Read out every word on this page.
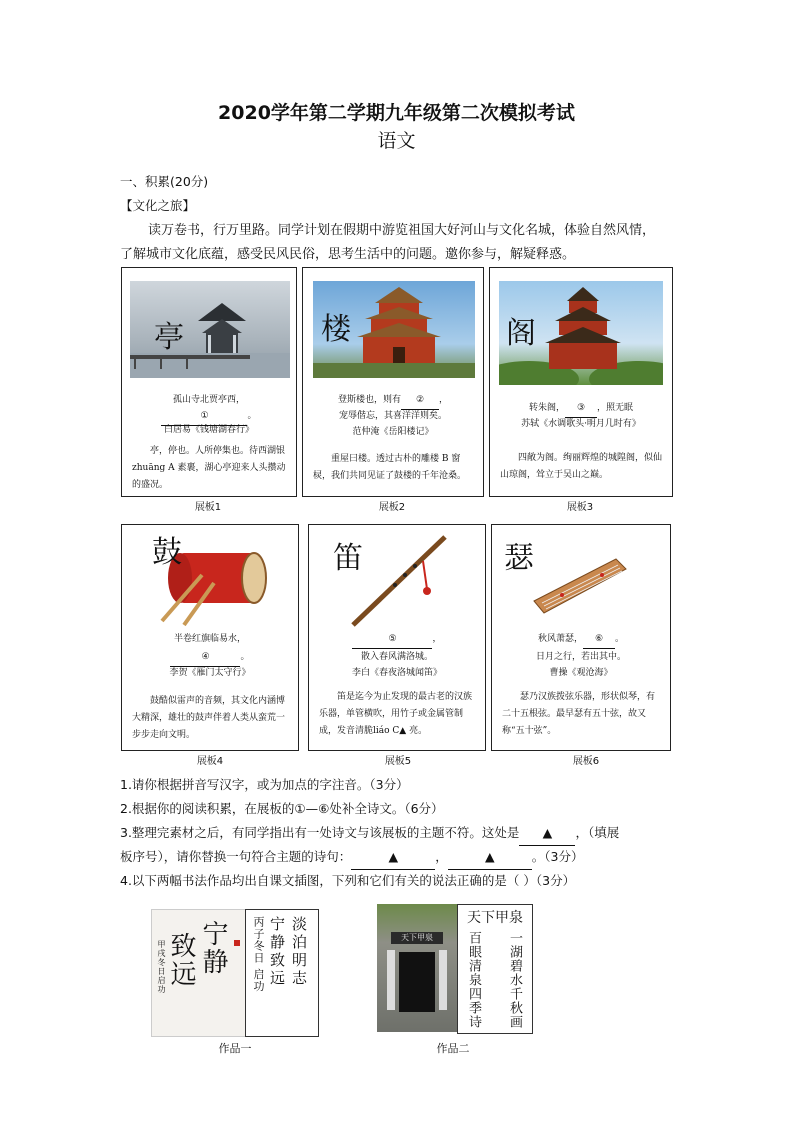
2020学年第二学期九年级第二次模拟考试
语文
一、积累(20分)
【文化之旅】
读万卷书，行万里路。同学计划在假期中游览祖国大好河山与文化名城，体验自然风情，
了解城市文化底蕴，感受民风民俗，思考生活中的问题。邀你参与，解疑释惑。
亭
孤山寺北贾亭西，
①	。
白居易《钱塘湖春行》
亭，停也。人所停集也。待西湖银zhuāng A 素裹，湖心亭迎来人头攒动的盛况。
展板1
楼
登斯楼也，则有 ② ，
宠辱偕忘，其喜洋洋则矣。
范仲淹《岳阳楼记》
重屋曰楼。透过古朴的雕楼 B 窗棂，我们共同见证了鼓楼的千年沧桑。
展板2
阁
转朱阁， ③ ，照无眠
苏轼《水调歌头·明月几时有》
四敞为阁。绚丽辉煌的城隍阁，似仙山琼阁，耸立于吴山之巅。
展板3
鼓
半卷红旗临易水，
④	。
李贺《雁门太守行》
鼓酷似雷声的音频，其文化内涵博大精深，雄壮的鼓声伴着人类从蛮荒一步步走向文明。
展板4
笛
⑤	，
散入春风满洛城。
李白《春夜洛城闻笛》
笛是迄今为止发现的最古老的汉族乐器，单管横吹，用竹子或金属管制成，发音清脆liáo C▲ 亮。
展板5
瑟
秋风萧瑟， ⑥ 。
日月之行，若出其中。
曹操《观沧海》
瑟乃汉族拨弦乐器，形状似琴，有二十五根弦。最早瑟有五十弦，故又称“五十弦”。
展板6
1.请你根据拼音写汉字，或为加点的字注音。（3分）
2.根据你的阅读积累，在展板的①—⑥处补全诗文。（6分）
3.整理完素材之后，有同学指出有一处诗文与该展板的主题不符。这处是 ▲ ，（填展
板序号），请你替换一句符合主题的诗句：	▲	，	▲	。（3分）
4.以下两幅书法作品均出自课文插图，下列和它们有关的说法正确的是（ ）（3分）
宁静
致远
甲戌冬日启功	淡泊明志
宁静致远
丙子冬日 启功
作品一
天下甲泉
天下甲泉
一湖碧水千秋画
百眼清泉四季诗
作品二
